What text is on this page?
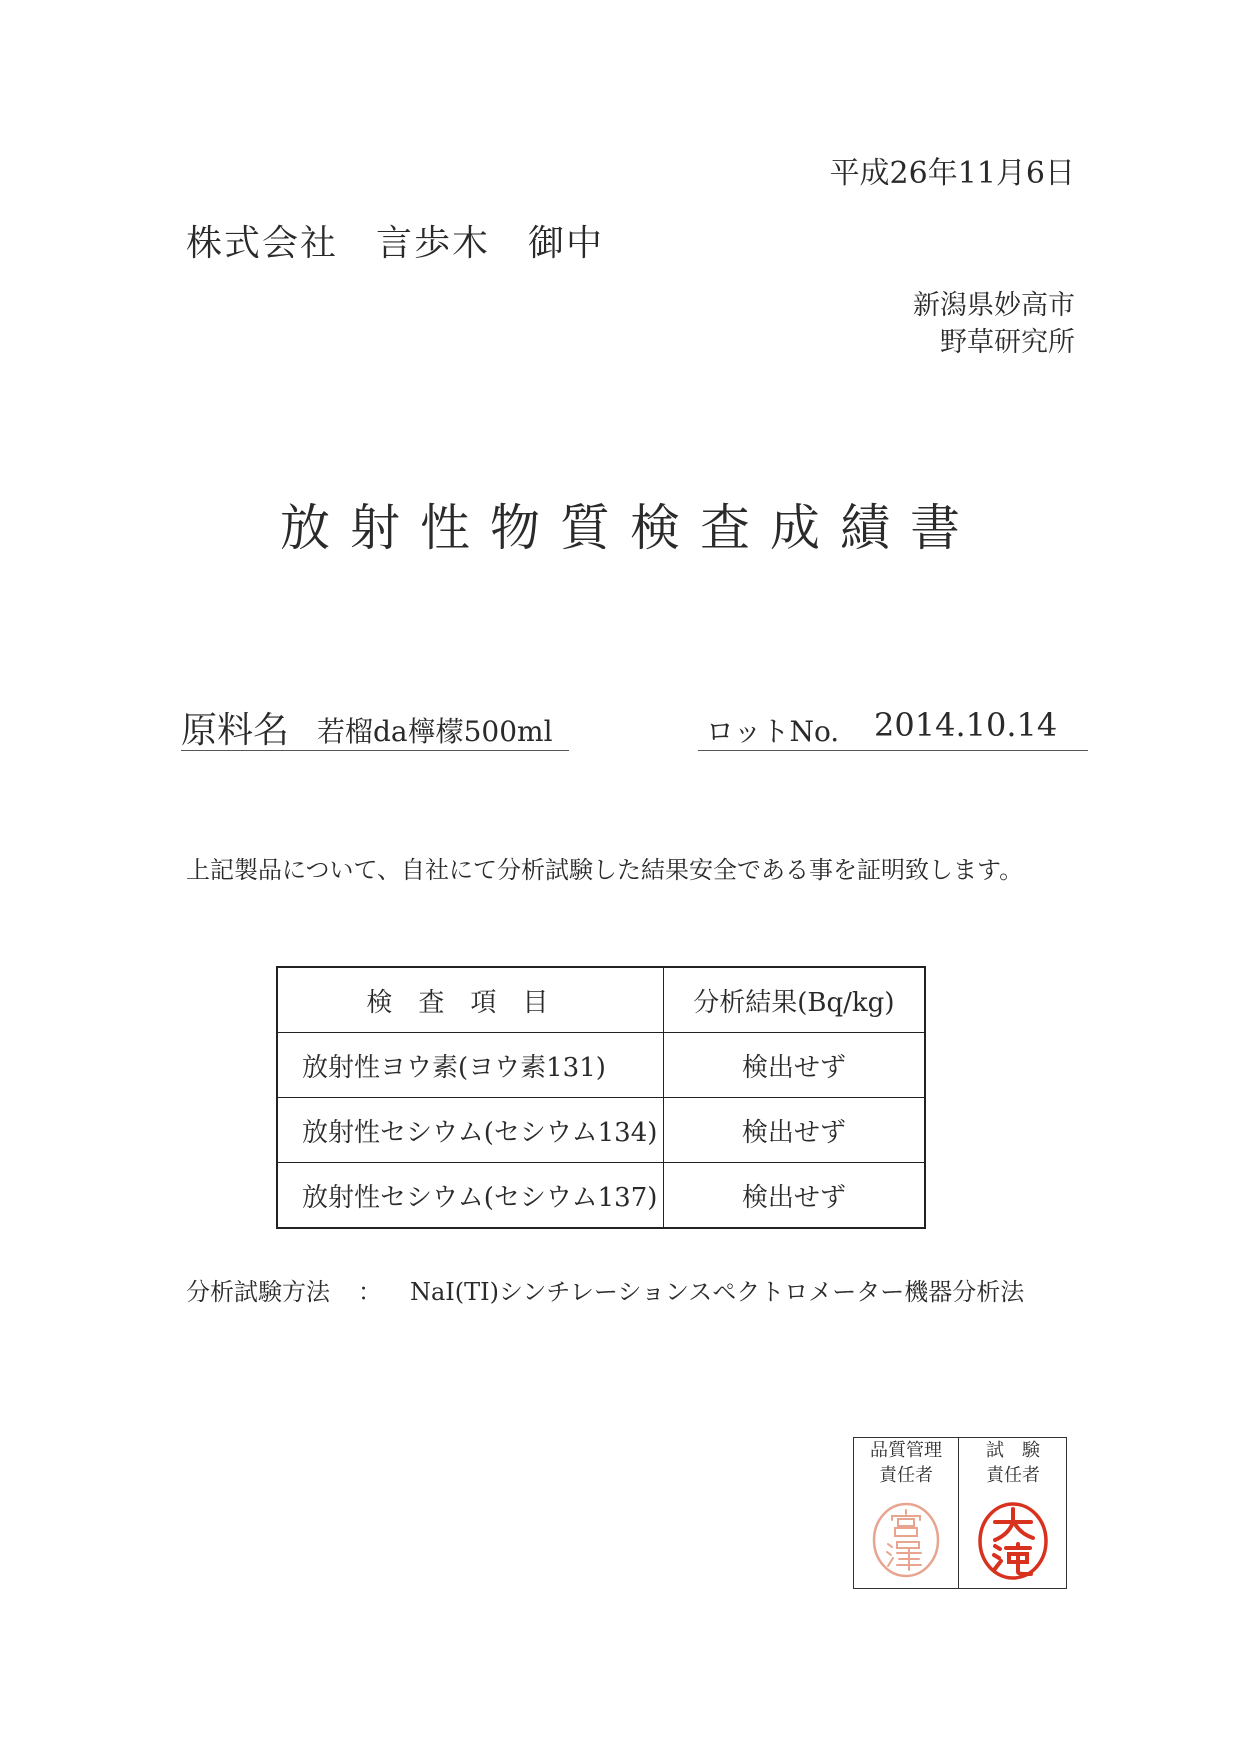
平成26年11月6日
株式会社　言歩木　御中
新潟県妙高市
野草研究所
放射性物質検査成績書
原料名 若榴da檸檬500ml	ロットNo. 2014.10.14
上記製品について、自社にて分析試験した結果安全である事を証明致します。
検査項目	分析結果(Bq/kg)
放射性ヨウ素(ヨウ素131)	検出せず
放射性セシウム(セシウム134)	検出せず
放射性セシウム(セシウム137)	検出せず
分析試験方法 ： NaI(TI)シンチレーションスペクトロメーター機器分析法
品質管理
責任者
試　験
責任者
